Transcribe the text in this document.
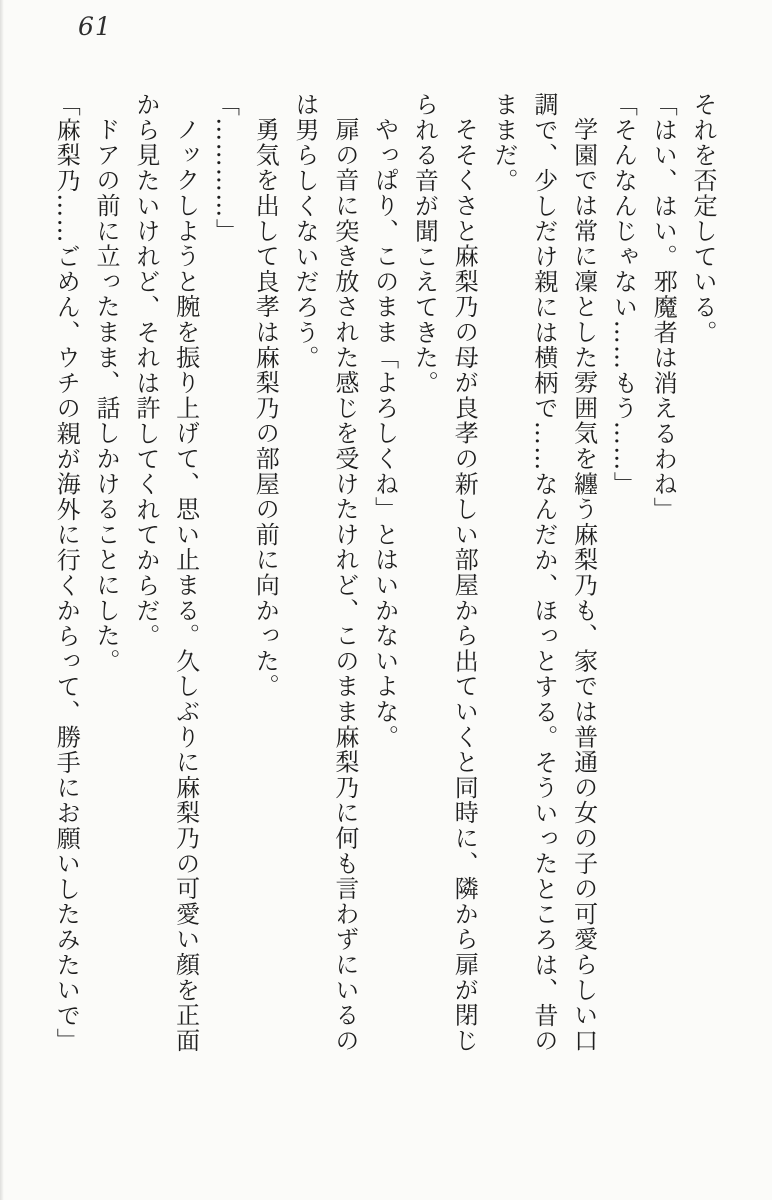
61
それを否定している。
「はい、はい。邪魔者は消えるわね」
「そんなんじゃない……もう……」
学園では常に凜とした雰囲気を纏う麻梨乃も、家では普通の女の子の可愛らしい口
調で、少しだけ親には横柄で……なんだか、ほっとする。そういったところは、昔の
ままだ。
そそくさと麻梨乃の母が良孝の新しい部屋から出ていくと同時に、隣から扉が閉じ
られる音が聞こえてきた。
やっぱり、このまま「よろしくね」とはいかないよな。
扉の音に突き放された感じを受けたけれど、このまま麻梨乃に何も言わずにいるの
は男らしくないだろう。
勇気を出して良孝は麻梨乃の部屋の前に向かった。
「…………」
ノックしようと腕を振り上げて、思い止まる。久しぶりに麻梨乃の可愛い顔を正面
から見たいけれど、それは許してくれてからだ。
ドアの前に立ったまま、話しかけることにした。
「麻梨乃……ごめん、ウチの親が海外に行くからって、勝手にお願いしたみたいで」
